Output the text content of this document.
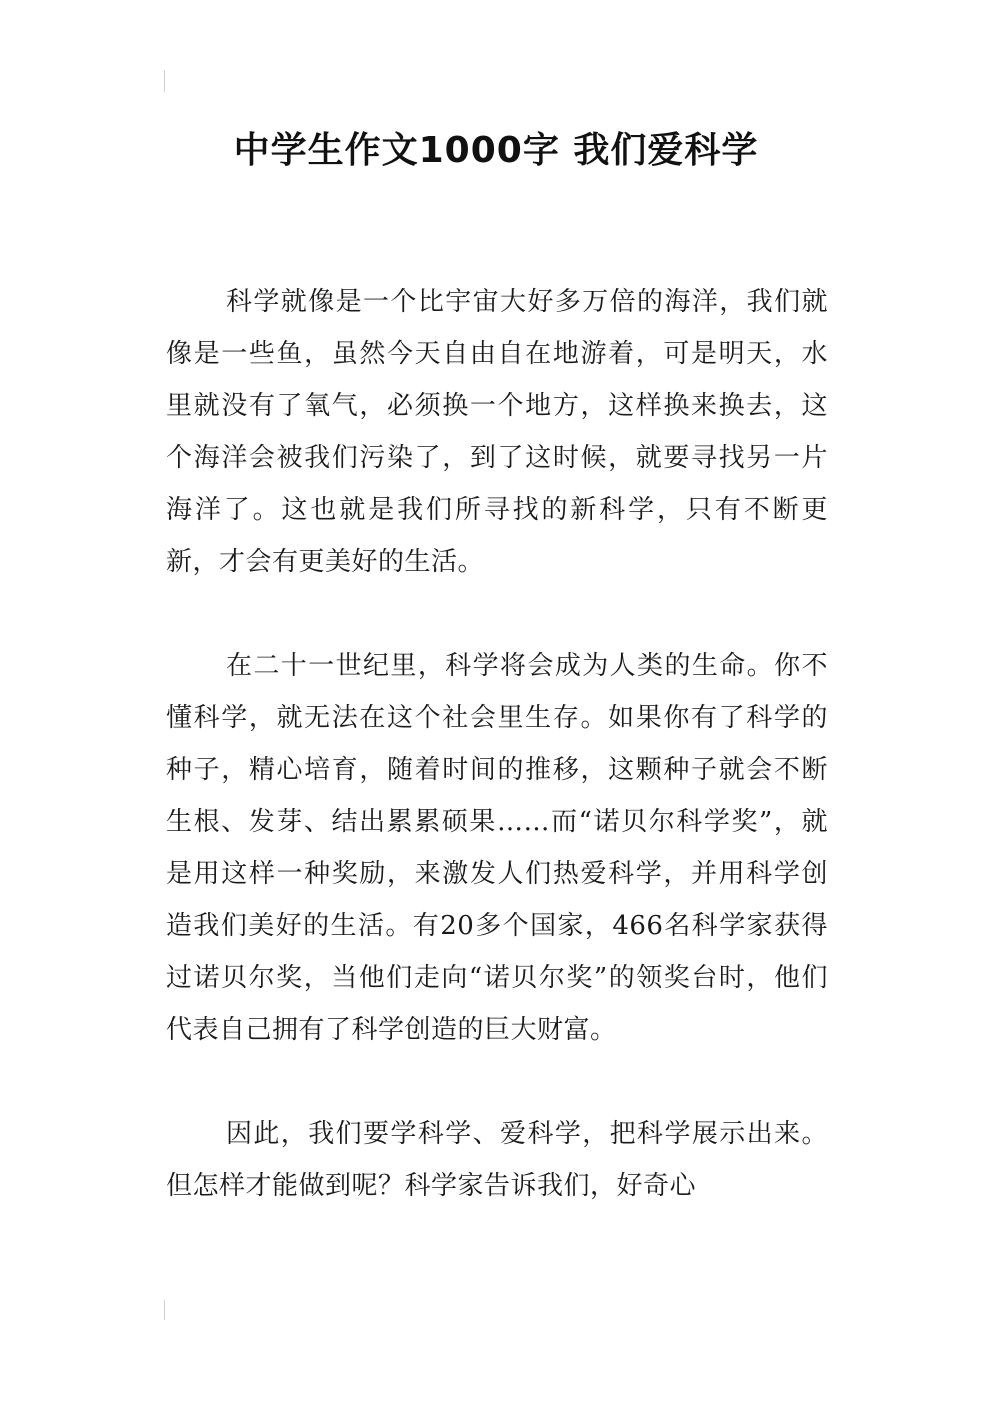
中学生作文1000字 我们爱科学

科学就像是一个比宇宙大好多万倍的海洋，我们就像是一些鱼，虽然今天自由自在地游着，可是明天，水里就没有了氧气，必须换一个地方，这样换来换去，这个海洋会被我们污染了，到了这时候，就要寻找另一片海洋了。这也就是我们所寻找的新科学，只有不断更新，才会有更美好的生活。

在二十一世纪里，科学将会成为人类的生命。你不懂科学，就无法在这个社会里生存。如果你有了科学的种子，精心培育，随着时间的推移，这颗种子就会不断生根、发芽、结出累累硕果……而“诺贝尔科学奖”，就是用这样一种奖励，来激发人们热爱科学，并用科学创造我们美好的生活。有20多个国家，466名科学家获得过诺贝尔奖，当他们走向“诺贝尔奖”的领奖台时，他们代表自己拥有了科学创造的巨大财富。

因此，我们要学科学、爱科学，把科学展示出来。但怎样才能做到呢？科学家告诉我们，好奇心
